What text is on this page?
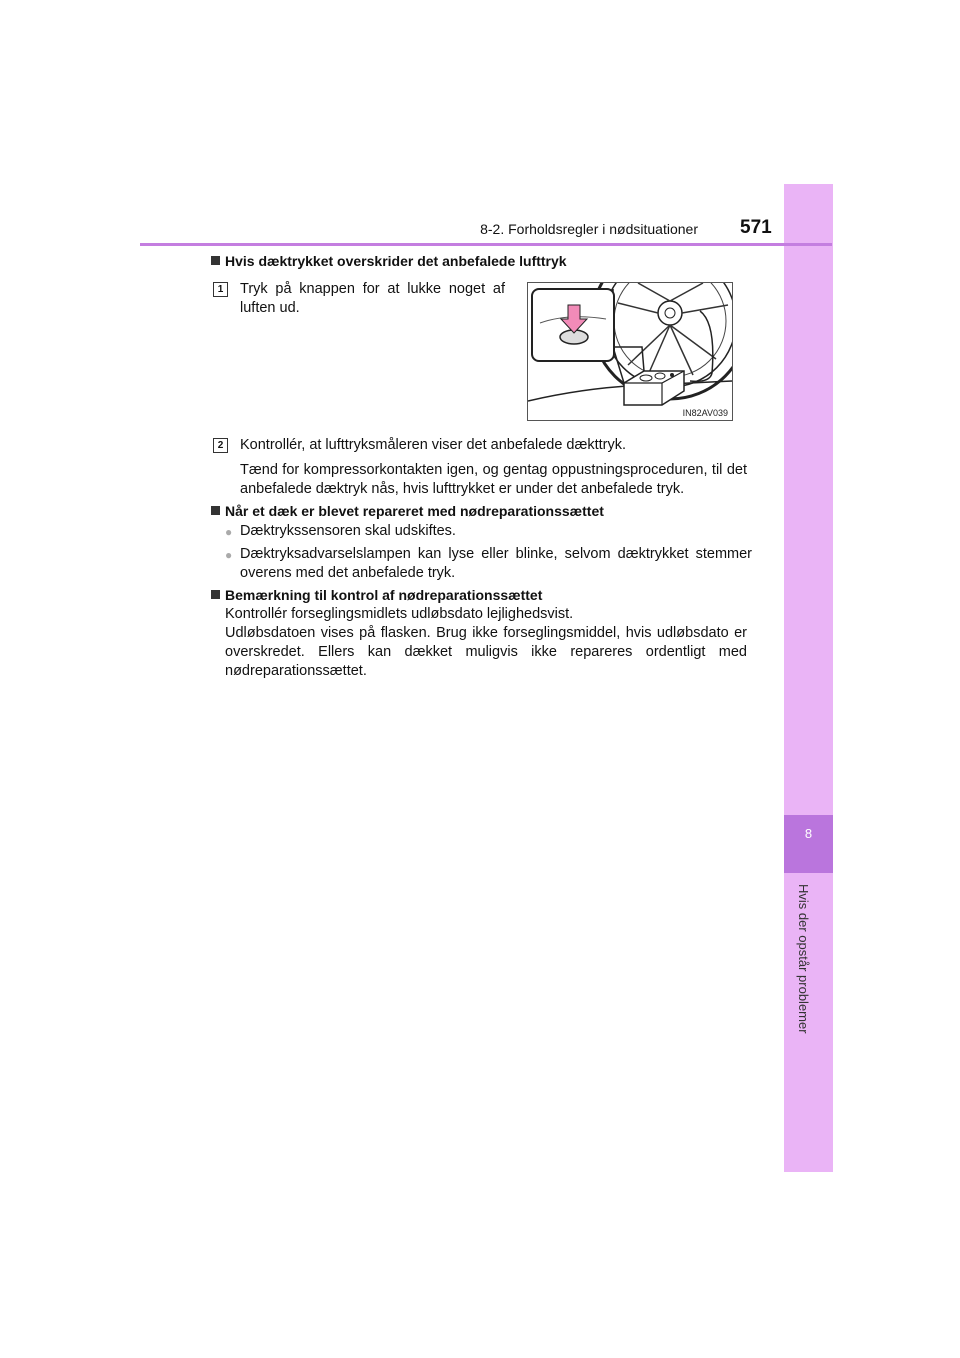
8
Hvis der opstår problemer
8-2. Forholdsregler i nødsituationer 571
Hvis dæktrykket overskrider det anbefalede lufttryk
1	Tryk på knappen for at lukke noget af luften ud.
IN82AV039
2	Kontrollér, at lufttryksmåleren viser det anbefalede dækttryk.
Tænd for kompressorkontakten igen, og gentag oppustningsproceduren, til det anbefalede dæktryk nås, hvis lufttrykket er under det anbefalede tryk.
Når et dæk er blevet repareret med nødreparationssættet
● Dæktrykssensoren skal udskiftes.
● Dæktryksadvarselslampen kan lyse eller blinke, selvom dæktrykket stemmer overens med det anbefalede tryk.
Bemærkning til kontrol af nødreparationssættet
Kontrollér forseglingsmidlets udløbsdato lejlighedsvist.
Udløbsdatoen vises på flasken. Brug ikke forseglingsmiddel, hvis udløbsdato er overskredet. Ellers kan dækket muligvis ikke repareres ordentligt med nødreparationssættet.
